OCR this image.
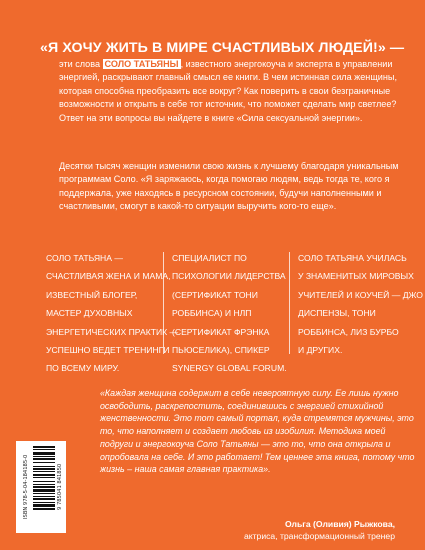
«Я ХОЧУ ЖИТЬ В МИРЕ СЧАСТЛИВЫХ ЛЮДЕЙ!» —
эти слова СОЛО ТАТЬЯНЫ , известного энергокоуча и эксперта в управлении энергией, раскрывают главный смысл ее книги. В чем истинная сила женщины, которая способна преобразить все вокруг? Как поверить в свои безграничные возможности и открыть в себе тот источник, что поможет сделать мир светлее? Ответ на эти вопросы вы найдете в книге «Сила сексуальной энергии».
Десятки тысяч женщин изменили свою жизнь к лучшему благодаря уникальным программам Соло. «Я заряжаюсь, когда помогаю людям, ведь тогда те, кого я поддержала, уже находясь в ресурсном состоянии, будучи наполненными и счастливыми, смогут в какой-то ситуации выручить кого-то еще».
СОЛО ТАТЬЯНА —
СЧАСТЛИВАЯ ЖЕНА И МАМА,
ИЗВЕСТНЫЙ БЛОГЕР,
МАСТЕР ДУХОВНЫХ
ЭНЕРГЕТИЧЕСКИХ ПРАКТИК —
УСПЕШНО ВЕДЕТ ТРЕНИНГИ
ПО ВСЕМУ МИРУ.
СПЕЦИАЛИСТ ПО
ПСИХОЛОГИИ ЛИДЕРСТВА
(СЕРТИФИКАТ ТОНИ
РОББИНСА) И НЛП
(СЕРТИФИКАТ ФРЭНКА
ПЬЮСЕЛИКА), СПИКЕР
SYNERGY GLOBAL FORUM.
СОЛО ТАТЬЯНА УЧИЛАСЬ
У ЗНАМЕНИТЫХ МИРОВЫХ
УЧИТЕЛЕЙ И КОУЧЕЙ — ДЖО
ДИСПЕНЗЫ, ТОНИ
РОББИНСА, ЛИЗ БУРБО
И ДРУГИХ.
«Каждая женщина содержит в себе невероятную силу. Ее лишь нужно освободить, раскрепостить, соединившись с энергией стихийной женственности. Это тот самый портал, куда стремятся мужчины, это то, что наполняет и создает любовь из изобилия. Методика моей подруги и энергокоуча Соло Татьяны — это то, что она открыла и опробовала на себе. И это работает! Тем ценнее эта книга, потому что жизнь – наша самая главная практика».
Ольга (Оливия) Рыжкова,
актриса, трансформационный тренер
ISBN 978-5-04-184185-0	9 785041 841850
